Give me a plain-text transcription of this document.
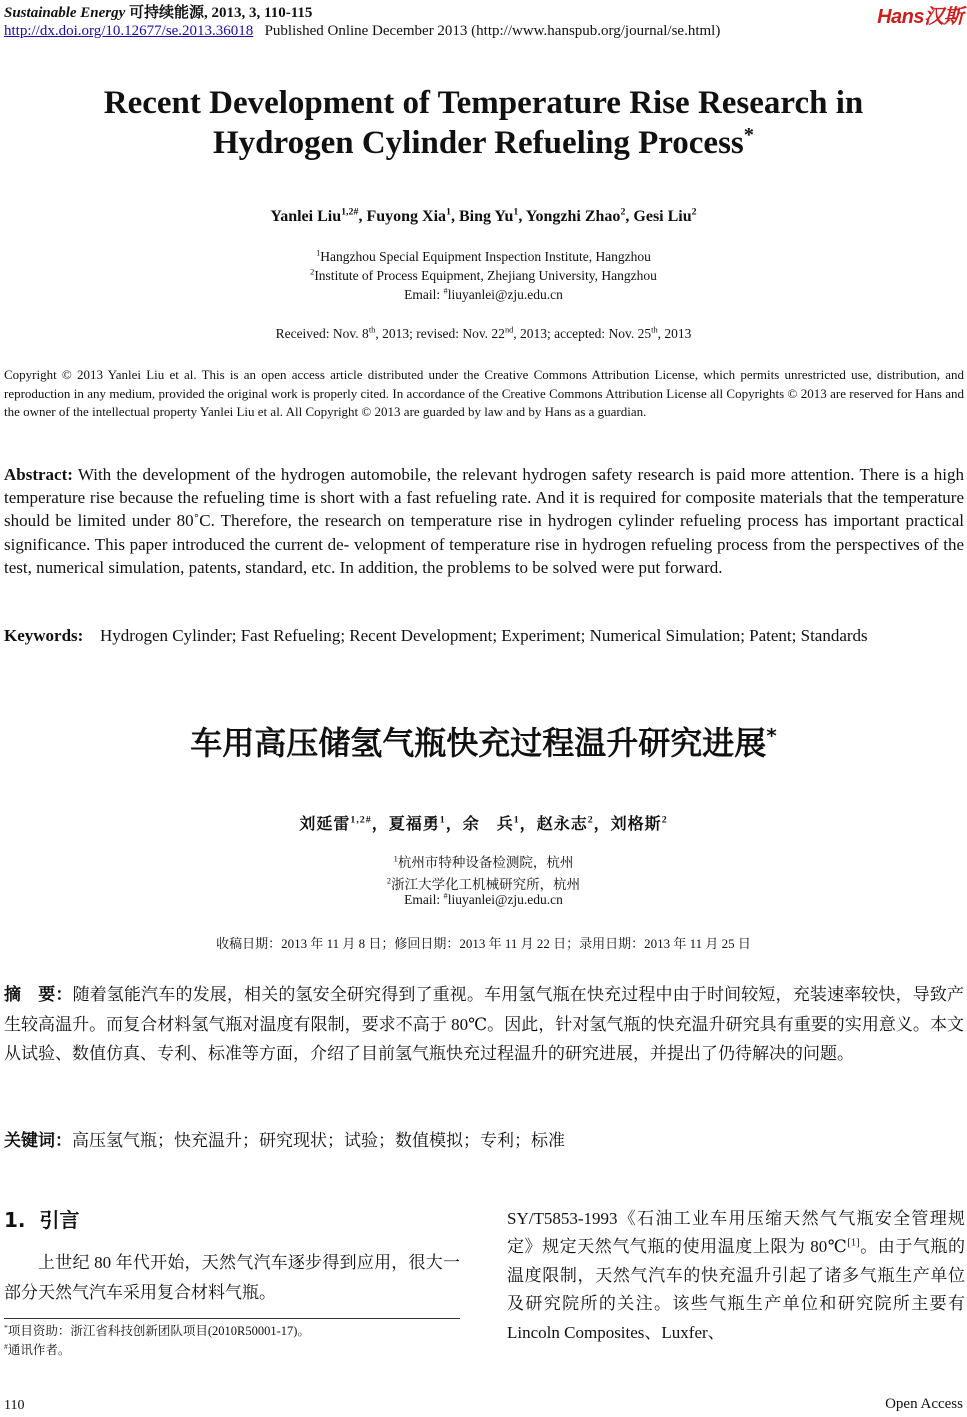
Sustainable Energy 可持续能源, 2013, 3, 110-115
http://dx.doi.org/10.12677/se.2013.36018 Published Online December 2013 (http://www.hanspub.org/journal/se.html)
Hans汉斯
Recent Development of Temperature Rise Research in
Hydrogen Cylinder Refueling Process*
Yanlei Liu$^{1,2\#}$, Fuyong Xia$^1$, Bing Yu$^1$, Yongzhi Zhao$^2$, Gesi Liu$^2$
$^1$Hangzhou Special Equipment Inspection Institute, Hangzhou
$^2$Institute of Process Equipment, Zhejiang University, Hangzhou
Email: #liuyanlei@zju.edu.cn
Received: Nov. 8th, 2013; revised: Nov. 22nd, 2013; accepted: Nov. 25th, 2013
Copyright © 2013 Yanlei Liu et al. This is an open access article distributed under the Creative Commons Attribution License, which permits unrestricted use, distribution, and reproduction in any medium, provided the original work is properly cited. In accordance of the Creative Commons Attribution License all Copyrights © 2013 are reserved for Hans and the owner of the intellectual property Yanlei Liu et al. All Copyright © 2013 are guarded by law and by Hans as a guardian.
Abstract: With the development of the hydrogen automobile, the relevant hydrogen safety research is paid more attention. There is a high temperature rise because the refueling time is short with a fast refueling rate. And it is required for composite materials that the temperature should be limited under 80˚C. Therefore, the research on temperature rise in hydrogen cylinder refueling process has important practical significance. This paper introduced the current de- velopment of temperature rise in hydrogen refueling process from the perspectives of the test, numerical simulation, patents, standard, etc. In addition, the problems to be solved were put forward.
Keywords: Hydrogen Cylinder; Fast Refueling; Recent Development; Experiment; Numerical Simulation; Patent; Standards
车用高压储氢气瓶快充过程温升研究进展*
刘延雷$^{1,2\#}$，夏福勇$^1$，余　兵$^1$，赵永志$^2$，刘格斯$^2$
$^1$杭州市特种设备检测院，杭州
$^2$浙江大学化工机械研究所，杭州
Email: #liuyanlei@zju.edu.cn
收稿日期：2013 年 11 月 8 日；修回日期：2013 年 11 月 22 日；录用日期：2013 年 11 月 25 日
摘　要：随着氢能汽车的发展，相关的氢安全研究得到了重视。车用氢气瓶在快充过程中由于时间较短，充装速率较快，导致产生较高温升。而复合材料氢气瓶对温度有限制，要求不高于 80℃。因此，针对氢气瓶的快充温升研究具有重要的实用意义。本文从试验、数值仿真、专利、标准等方面，介绍了目前氢气瓶快充过程温升的研究进展，并提出了仍待解决的问题。
关键词：高压氢气瓶；快充温升；研究现状；试验；数值模拟；专利；标准
1. 引言

上世纪 80 年代开始，天然气汽车逐步得到应用，很大一部分天然气汽车采用复合材料气瓶。

SY/T5853-1993《石油工业车用压缩天然气气瓶安全管理规定》规定天然气气瓶的使用温度上限为 80℃[1]。由于气瓶的温度限制，天然气汽车的快充温升引起了诸多气瓶生产单位及研究院所的关注。该些气瓶生产单位和研究院所主要有 Lincoln Composites、Luxfer、
*项目资助：浙江省科技创新团队项目(2010R50001-17)。
#通讯作者。
110	Open Access
